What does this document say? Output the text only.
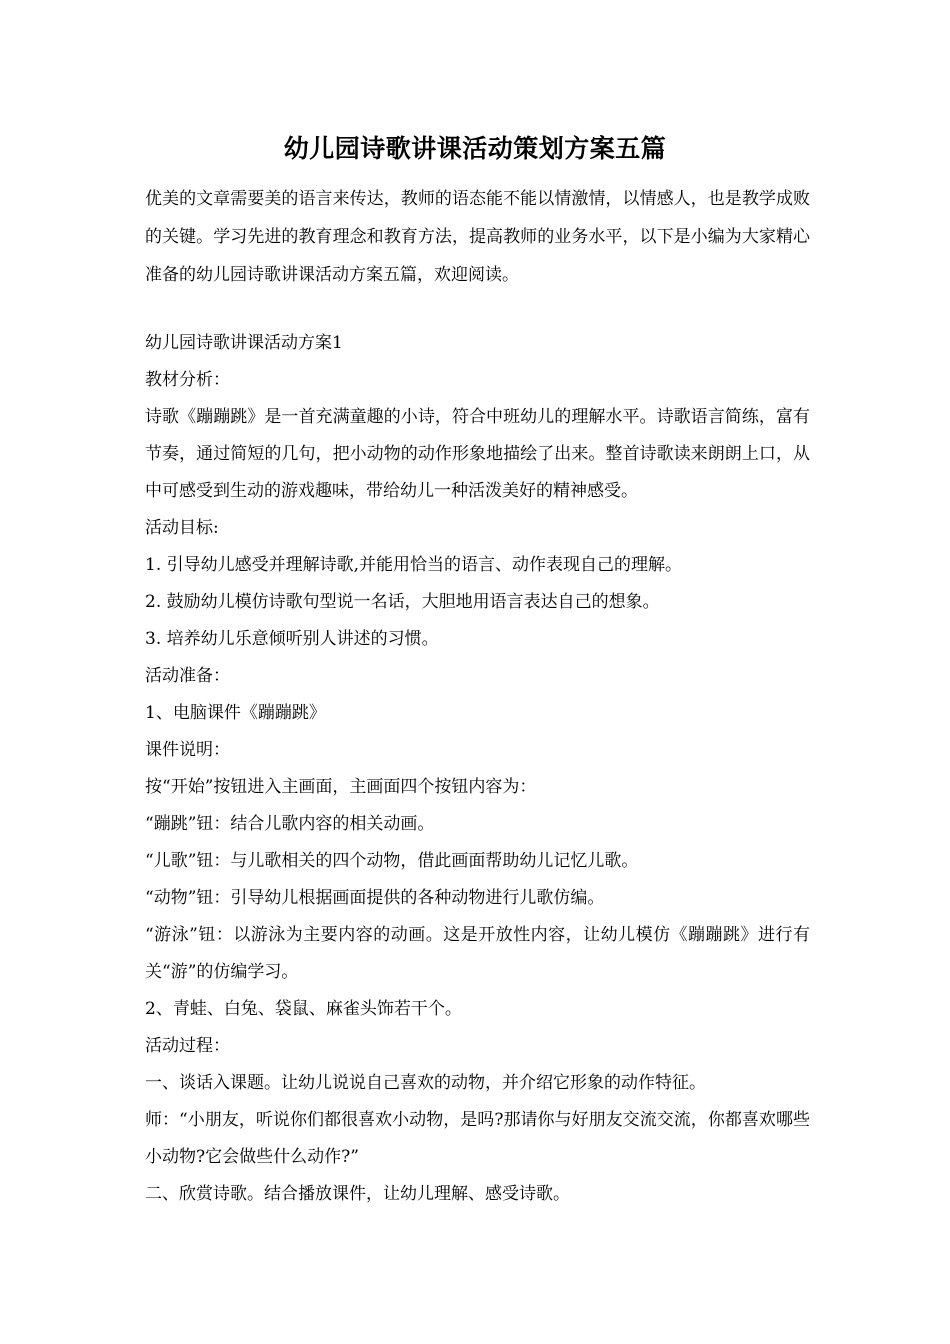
幼儿园诗歌讲课活动策划方案五篇
优美的文章需要美的语言来传达，教师的语态能不能以情激情，以情感人，也是教学成败的关键。学习先进的教育理念和教育方法，提高教师的业务水平，以下是小编为大家精心准备的幼儿园诗歌讲课活动方案五篇，欢迎阅读。

幼儿园诗歌讲课活动方案1

教材分析：

诗歌《蹦蹦跳》是一首充满童趣的小诗，符合中班幼儿的理解水平。诗歌语言简练，富有节奏，通过简短的几句，把小动物的动作形象地描绘了出来。整首诗歌读来朗朗上口，从中可感受到生动的游戏趣味，带给幼儿一种活泼美好的精神感受。

活动目标:

1. 引导幼儿感受并理解诗歌,并能用恰当的语言、动作表现自己的理解。

2. 鼓励幼儿模仿诗歌句型说一名话，大胆地用语言表达自己的想象。

3. 培养幼儿乐意倾听别人讲述的习惯。

活动准备：

1、电脑课件《蹦蹦跳》

课件说明：

按“开始”按钮进入主画面，主画面四个按钮内容为：

“蹦跳”钮：结合儿歌内容的相关动画。

“儿歌”钮：与儿歌相关的四个动物，借此画面帮助幼儿记忆儿歌。

“动物”钮：引导幼儿根据画面提供的各种动物进行儿歌仿编。

“游泳”钮：以游泳为主要内容的动画。这是开放性内容，让幼儿模仿《蹦蹦跳》进行有关“游”的仿编学习。

2、青蛙、白兔、袋鼠、麻雀头饰若干个。

活动过程：

一、谈话入课题。让幼儿说说自己喜欢的动物，并介绍它形象的动作特征。

师：“小朋友，听说你们都很喜欢小动物，是吗?那请你与好朋友交流交流，你都喜欢哪些小动物?它会做些什么动作?”

二、欣赏诗歌。结合播放课件，让幼儿理解、感受诗歌。
